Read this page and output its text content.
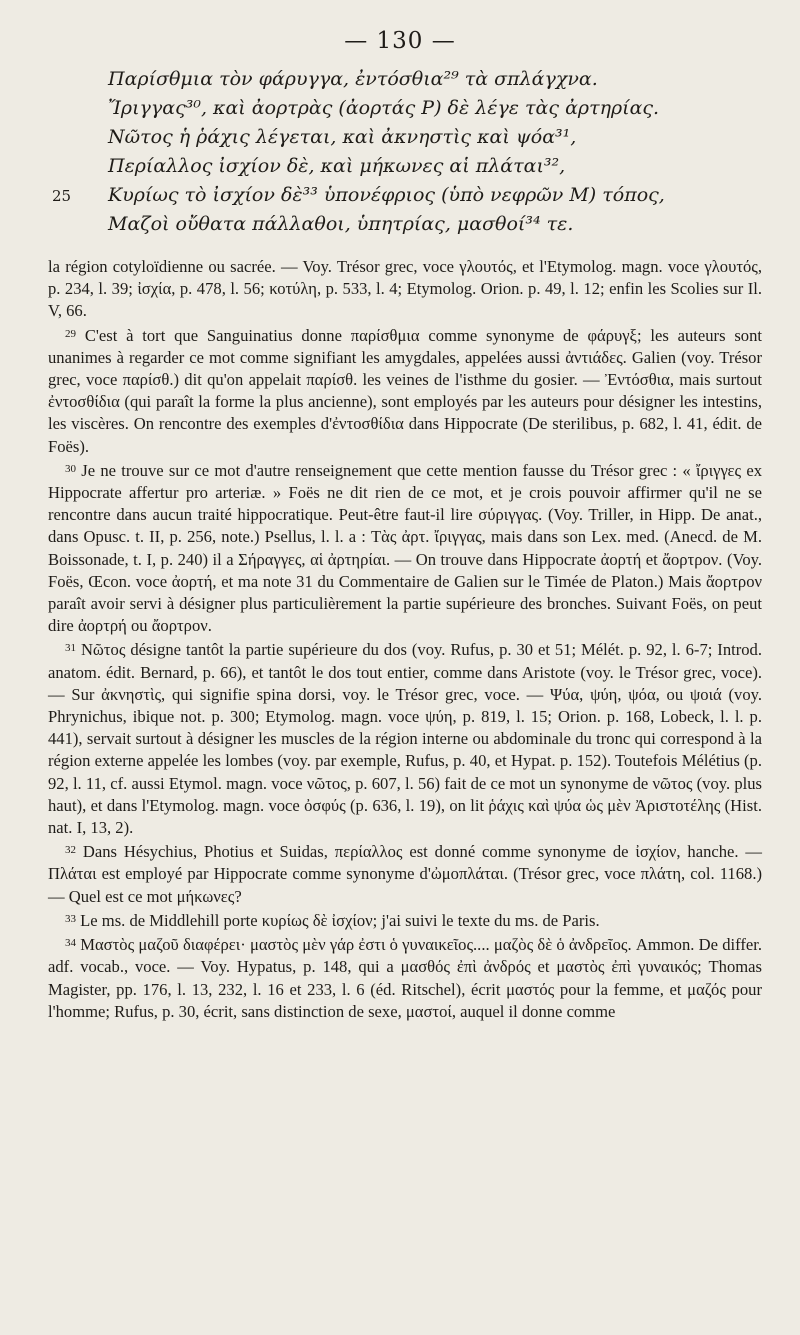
— 130 —
Παρίσθμια τὸν φάρυγγα, ἐντόσθια²⁹ τὰ σπλάγχνα.
Ἴριγγας³⁰, καὶ ἀορτρὰς (ἀορτάς P) δὲ λέγε τὰς ἀρτηρίας.
Νῶτος ἡ ῥάχις λέγεται, καὶ ἀκνηστὶς καὶ ψόα³¹,
Περίαλλος ἰσχίον δὲ, καὶ μήκωνες αἱ πλάται³²,
25 Κυρίως τὸ ἰσχίον δὲ³³ ὑπονέφριος (ὑπὸ νεφρῶν M) τόπος,
Μαζοὶ οὔθατα πάλλαθοι, ὑπητρίας, μασθοί³⁴ τε.

la région cotyloïdienne ou sacrée. — Voy. Trésor grec, voce γλουτός, et l'Etymolog. magn. voce γλουτός, p. 234, l. 39; ἰσχία, p. 478, l. 56; κοτύλη, p. 533, l. 4; Etymolog. Orion. p. 49, l. 12; enfin les Scolies sur Il. V, 66.

$^{29}$ C'est à tort que Sanguinatius donne παρίσθμια comme synonyme de φάρυγξ; les auteurs sont unanimes à regarder ce mot comme signifiant les amygdales, appelées aussi ἀντιάδες. Galien (voy. Trésor grec, voce παρίσθ.) dit qu'on appelait παρίσθ. les veines de l'isthme du gosier. — Ἐντόσθια, mais surtout ἐντοσθίδια (qui paraît la forme la plus ancienne), sont employés par les auteurs pour désigner les intestins, les viscères. On rencontre des exemples d'ἐντοσθίδια dans Hippocrate (De sterilibus, p. 682, l. 41, édit. de Foës).

$^{30}$ Je ne trouve sur ce mot d'autre renseignement que cette mention fausse du Trésor grec : « ἴριγγες ex Hippocrate affertur pro arteriæ. » Foës ne dit rien de ce mot, et je crois pouvoir affirmer qu'il ne se rencontre dans aucun traité hippocratique. Peut-être faut-il lire σύριγγας. (Voy. Triller, in Hipp. De anat., dans Opusc. t. II, p. 256, note.) Psellus, l. l. a : Τὰς ἀρτ. ἴριγγας, mais dans son Lex. med. (Anecd. de M. Boissonade, t. I, p. 240) il a Σήραγγες, αἱ ἀρτηρίαι. — On trouve dans Hippocrate ἀορτή et ἄορτρον. (Voy. Foës, Œcon. voce ἀορτή, et ma note 31 du Commentaire de Galien sur le Timée de Platon.) Mais ἄορτρον paraît avoir servi à désigner plus particulièrement la partie supérieure des bronches. Suivant Foës, on peut dire ἀορτρή ou ἄορτρον.

$^{31}$ Νῶτος désigne tantôt la partie supérieure du dos (voy. Rufus, p. 30 et 51; Mélét. p. 92, l. 6-7; Introd. anatom. édit. Bernard, p. 66), et tantôt le dos tout entier, comme dans Aristote (voy. le Trésor grec, voce). — Sur ἀκνηστὶς, qui signifie spina dorsi, voy. le Trésor grec, voce. — Ψύα, ψύη, ψόα, ou ψοιά (voy. Phrynichus, ibique not. p. 300; Etymolog. magn. voce ψύη, p. 819, l. 15; Orion. p. 168, Lobeck, l. l. p. 441), servait surtout à désigner les muscles de la région interne ou abdominale du tronc qui correspond à la région externe appelée les lombes (voy. par exemple, Rufus, p. 40, et Hypat. p. 152). Toutefois Mélétius (p. 92, l. 11, cf. aussi Etymol. magn. voce νῶτος, p. 607, l. 56) fait de ce mot un synonyme de νῶτος (voy. plus haut), et dans l'Etymolog. magn. voce ὀσφύς (p. 636, l. 19), on lit ῥάχις καὶ ψύα ὡς μὲν Ἀριστοτέλης (Hist. nat. I, 13, 2).

$^{32}$ Dans Hésychius, Photius et Suidas, περίαλλος est donné comme synonyme de ἰσχίον, hanche. — Πλάται est employé par Hippocrate comme synonyme d'ὠμοπλάται. (Trésor grec, voce πλάτη, col. 1168.) — Quel est ce mot μήκωνες?

$^{33}$ Le ms. de Middlehill porte κυρίως δὲ ἰσχίον; j'ai suivi le texte du ms. de Paris.

$^{34}$ Μαστὸς μαζοῦ διαφέρει· μαστὸς μὲν γάρ ἐστι ὁ γυναικεῖος.... μαζὸς δὲ ὁ ἀνδρεῖος. Ammon. De differ. adf. vocab., voce. — Voy. Hypatus, p. 148, qui a μασθός ἐπὶ ἀνδρός et μαστὸς ἐπὶ γυναικός; Thomas Magister, pp. 176, l. 13, 232, l. 16 et 233, l. 6 (éd. Ritschel), écrit μαστός pour la femme, et μαζός pour l'homme; Rufus, p. 30, écrit, sans distinction de sexe, μαστοί, auquel il donne comme
